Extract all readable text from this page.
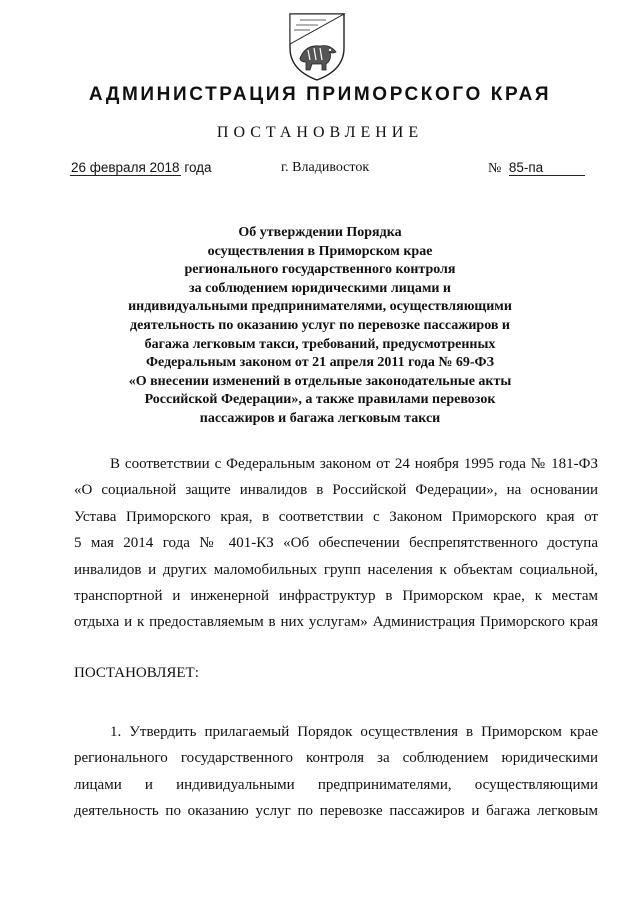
АДМИНИСТРАЦИЯ ПРИМОРСКОГО КРАЯ
ПОСТАНОВЛЕНИЕ
26 февраля 2018 года	г. Владивосток	№ 85-па
Об утверждении Порядка
осуществления в Приморском крае
регионального государственного контроля
за соблюдением юридическими лицами и
индивидуальными предпринимателями, осуществляющими
деятельность по оказанию услуг по перевозке пассажиров и
багажа легковым такси, требований, предусмотренных
Федеральным законом от 21 апреля 2011 года № 69-ФЗ
«О внесении изменений в отдельные законодательные акты
Российской Федерации», а также правилами перевозок
пассажиров и багажа легковым такси
В соответствии с Федеральным законом от 24 ноября 1995 года № 181-ФЗ
«О социальной защите инвалидов в Российской Федерации», на основании
Устава Приморского края, в соответствии с Законом Приморского края от
5 мая 2014 года № 401-КЗ «Об обеспечении беспрепятственного доступа
инвалидов и других маломобильных групп населения к объектам социальной,
транспортной и инженерной инфраструктур в Приморском крае, к местам
отдыха и к предоставляемым в них услугам» Администрация Приморского края
ПОСТАНОВЛЯЕТ:
1. Утвердить прилагаемый Порядок осуществления в Приморском крае
регионального государственного контроля за соблюдением юридическими
лицами и индивидуальными предпринимателями, осуществляющими
деятельность по оказанию услуг по перевозке пассажиров и багажа легковым
